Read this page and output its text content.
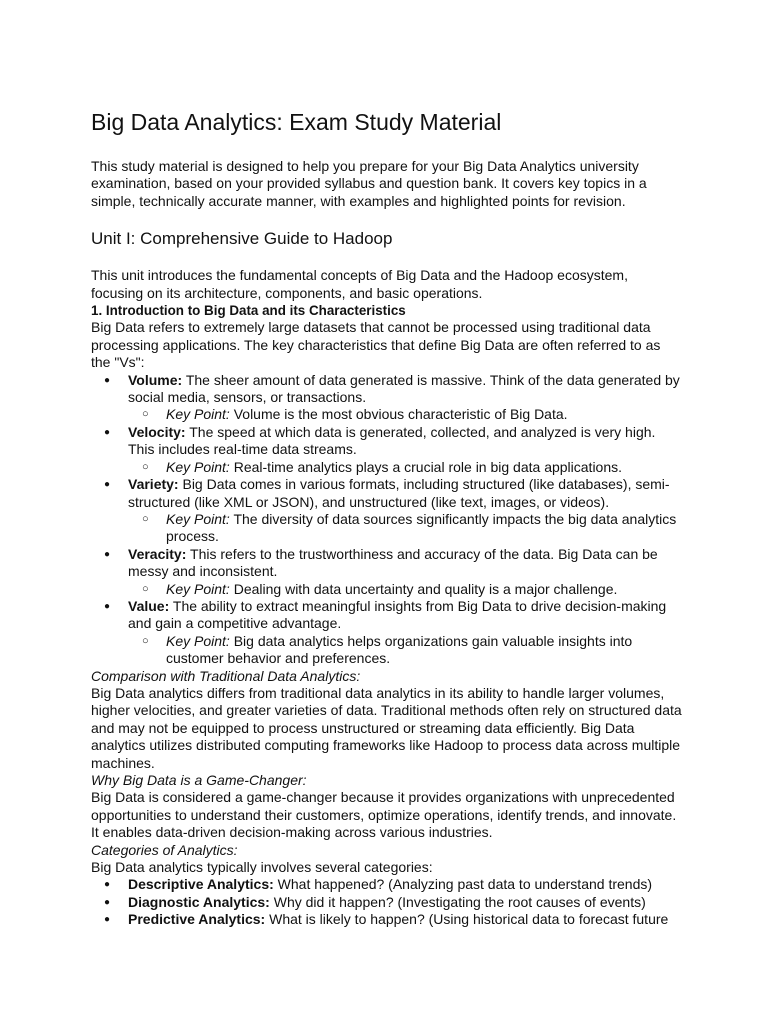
Big Data Analytics: Exam Study Material

This study material is designed to help you prepare for your Big Data Analytics university examination, based on your provided syllabus and question bank. It covers key topics in a simple, technically accurate manner, with examples and highlighted points for revision.

Unit I: Comprehensive Guide to Hadoop

This unit introduces the fundamental concepts of Big Data and the Hadoop ecosystem, focusing on its architecture, components, and basic operations.

1. Introduction to Big Data and its Characteristics

Big Data refers to extremely large datasets that cannot be processed using traditional data processing applications. The key characteristics that define Big Data are often referred to as the "Vs":

● Volume: The sheer amount of data generated is massive. Think of the data generated by social media, sensors, or transactions.
○ Key Point: Volume is the most obvious characteristic of Big Data.
● Velocity: The speed at which data is generated, collected, and analyzed is very high. This includes real-time data streams.
○ Key Point: Real-time analytics plays a crucial role in big data applications.
● Variety: Big Data comes in various formats, including structured (like databases), semi-structured (like XML or JSON), and unstructured (like text, images, or videos).
○ Key Point: The diversity of data sources significantly impacts the big data analytics process.
● Veracity: This refers to the trustworthiness and accuracy of the data. Big Data can be messy and inconsistent.
○ Key Point: Dealing with data uncertainty and quality is a major challenge.
● Value: The ability to extract meaningful insights from Big Data to drive decision-making and gain a competitive advantage.
○ Key Point: Big data analytics helps organizations gain valuable insights into customer behavior and preferences.

Comparison with Traditional Data Analytics:

Big Data analytics differs from traditional data analytics in its ability to handle larger volumes, higher velocities, and greater varieties of data. Traditional methods often rely on structured data and may not be equipped to process unstructured or streaming data efficiently. Big Data analytics utilizes distributed computing frameworks like Hadoop to process data across multiple machines.

Why Big Data is a Game-Changer:

Big Data is considered a game-changer because it provides organizations with unprecedented opportunities to understand their customers, optimize operations, identify trends, and innovate. It enables data-driven decision-making across various industries.

Categories of Analytics:

Big Data analytics typically involves several categories:

● Descriptive Analytics: What happened? (Analyzing past data to understand trends)
● Diagnostic Analytics: Why did it happen? (Investigating the root causes of events)
● Predictive Analytics: What is likely to happen? (Using historical data to forecast future
